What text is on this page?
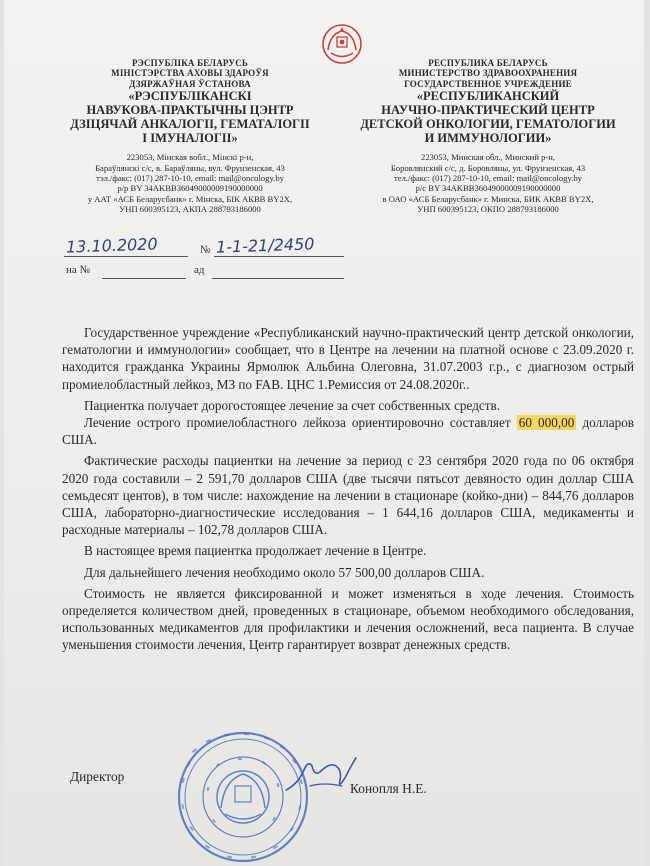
РЭСПУБЛІКА БЕЛАРУСЬ
МІНІСТЭРСТВА АХОВЫ ЗДАРОЎЯ
ДЗЯРЖАЎНАЯ ЎСТАНОВА
«РЭСПУБЛІКАНСКІ
НАВУКОВА-ПРАКТЫЧНЫ ЦЭНТР
ДЗІЦЯЧАЙ АНКАЛОГІІ, ГЕМАТАЛОГІІ
І ІМУНАЛОГІІ»
223053, Мінская вобл., Мінскі р-н,
Барaўлянскі с/с, в. Бараўляны, вул. Фрунзенская, 43
тэл./факс: (017) 287-10-10, email: mail@oncology.by
р/р BY 34AKBB36049000009190000000
у ААТ «АСБ Беларусбанк» г. Мінска, БІК АКВВ BY2X,
УНП 600395123, АКПА 288793186000
РЕСПУБЛИКА БЕЛАРУСЬ
МИНИСТЕРСТВО ЗДРАВООХРАНЕНИЯ
ГОСУДАРСТВЕННОЕ УЧРЕЖДЕНИЕ
«РЕСПУБЛИКАНСКИЙ
НАУЧНО-ПРАКТИЧЕСКИЙ ЦЕНТР
ДЕТСКОЙ ОНКОЛОГИИ, ГЕМАТОЛОГИИ
И ИММУНОЛОГИИ»
223053, Минская обл., Минский р-н,
Боровлянский с/с, д. Боровляны, ул. Фрунзенская, 43
тел./факс: (017) 287-10-10, email: mail@oncology.by
р/с BY 34AKBB36049000009190000000
в ОАО «АСБ Беларусбанк» г. Минска, БИК AKBB BY2X,
УНП 600395123, ОКПО 288793186000
13.10.2020	№ 1-1-21/2450
на №	ад

Государственное учреждение «Республиканский научно-практический центр детской онкологии, гематологии и иммунологии» сообщает, что в Центре на лечении на платной основе с 23.09.2020 г. находится гражданка Украины Ярмолюк Альбина Олеговна, 31.07.2003 г.р., с диагнозом острый промиелобластный лейкоз, М3 по FAB. ЦНС 1.Ремиссия от 24.08.2020г..

Пациентка получает дорогостоящее лечение за счет собственных средств.

Лечение острого промиелобластного лейкоза ориентировочно составляет 60 000,00 долларов США.

Фактические расходы пациентки на лечение за период с 23 сентября 2020 года по 06 октября 2020 года составили – 2 591,70 долларов США (две тысячи пятьсот девяносто один доллар США семьдесят центов), в том числе: нахождение на лечении в стационаре (койко-дни) – 844,76 долларов США, лабораторно-диагностические исследования – 1 644,16 долларов США, медикаменты и расходные материалы – 102,78 долларов США.

В настоящее время пациентка продолжает лечение в Центре.

Для дальнейшего лечения необходимо около 57 500,00 долларов США.

Стоимость не является фиксированной и может изменяться в ходе лечения. Стоимость определяется количеством дней, проведенных в стационаре, объемом необходимого обследования, использованных медикаментов для профилактики и лечения осложнений, веса пациента. В случае уменьшения стоимости лечения, Центр гарантирует возврат денежных средств.

Директор
Конопля Н.Е.
